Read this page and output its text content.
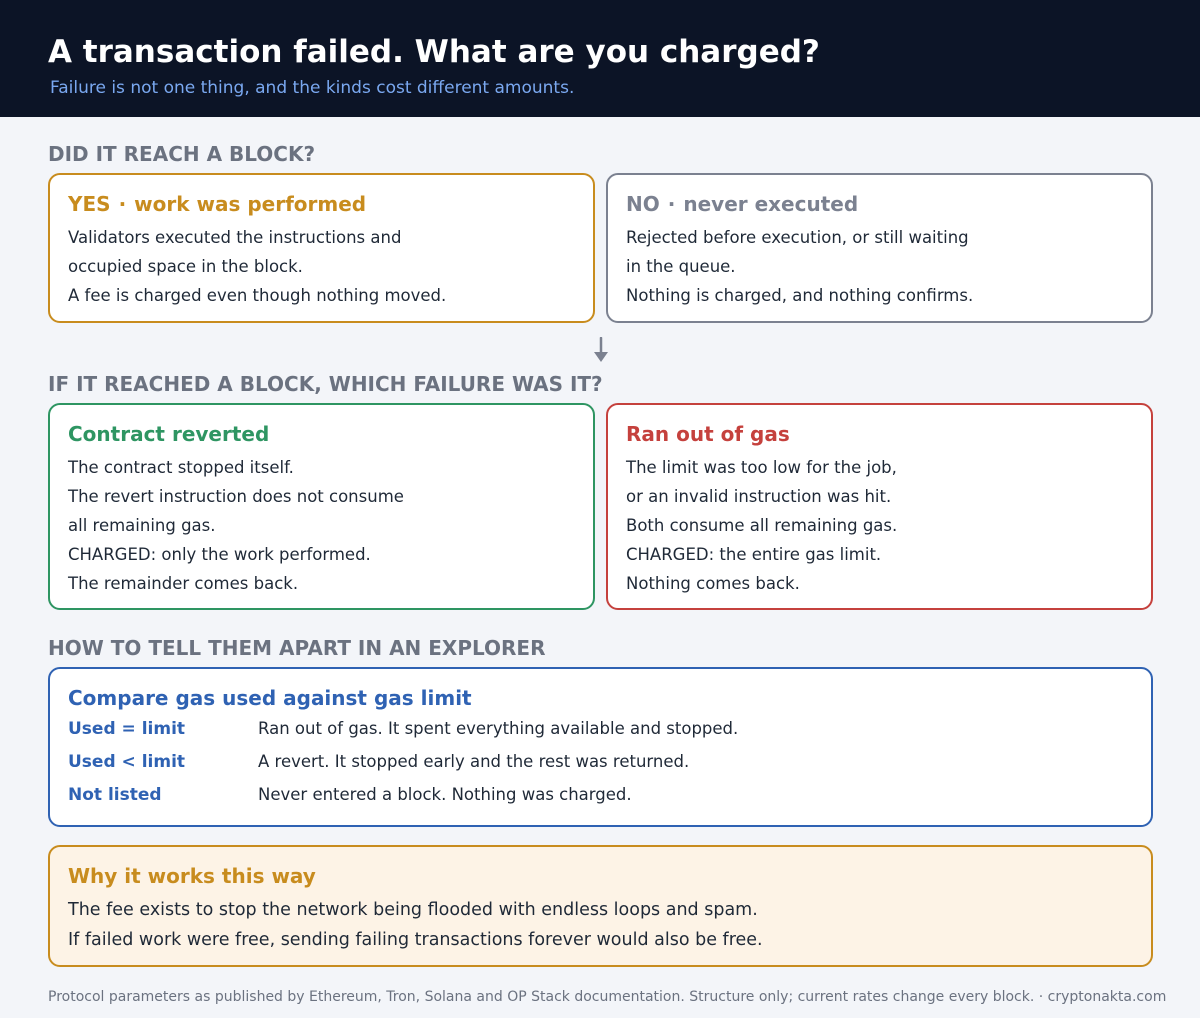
A transaction failed. What are you charged?
Failure is not one thing, and the kinds cost different amounts.
DID IT REACH A BLOCK?
YES · work was performed
Validators executed the instructions and
occupied space in the block.
A fee is charged even though nothing moved.
NO · never executed
Rejected before execution, or still waiting
in the queue.
Nothing is charged, and nothing confirms.
IF IT REACHED A BLOCK, WHICH FAILURE WAS IT?
Contract reverted
The contract stopped itself.
The revert instruction does not consume
all remaining gas.
CHARGED: only the work performed.
The remainder comes back.
Ran out of gas
The limit was too low for the job,
or an invalid instruction was hit.
Both consume all remaining gas.
CHARGED: the entire gas limit.
Nothing comes back.
HOW TO TELL THEM APART IN AN EXPLORER
Compare gas used against gas limit
Used = limit	Ran out of gas. It spent everything available and stopped.
Used < limit	A revert. It stopped early and the rest was returned.
Not listed	Never entered a block. Nothing was charged.
Why it works this way
The fee exists to stop the network being flooded with endless loops and spam.
If failed work were free, sending failing transactions forever would also be free.
Protocol parameters as published by Ethereum, Tron, Solana and OP Stack documentation. Structure only; current rates change every block. · cryptonakta.com
